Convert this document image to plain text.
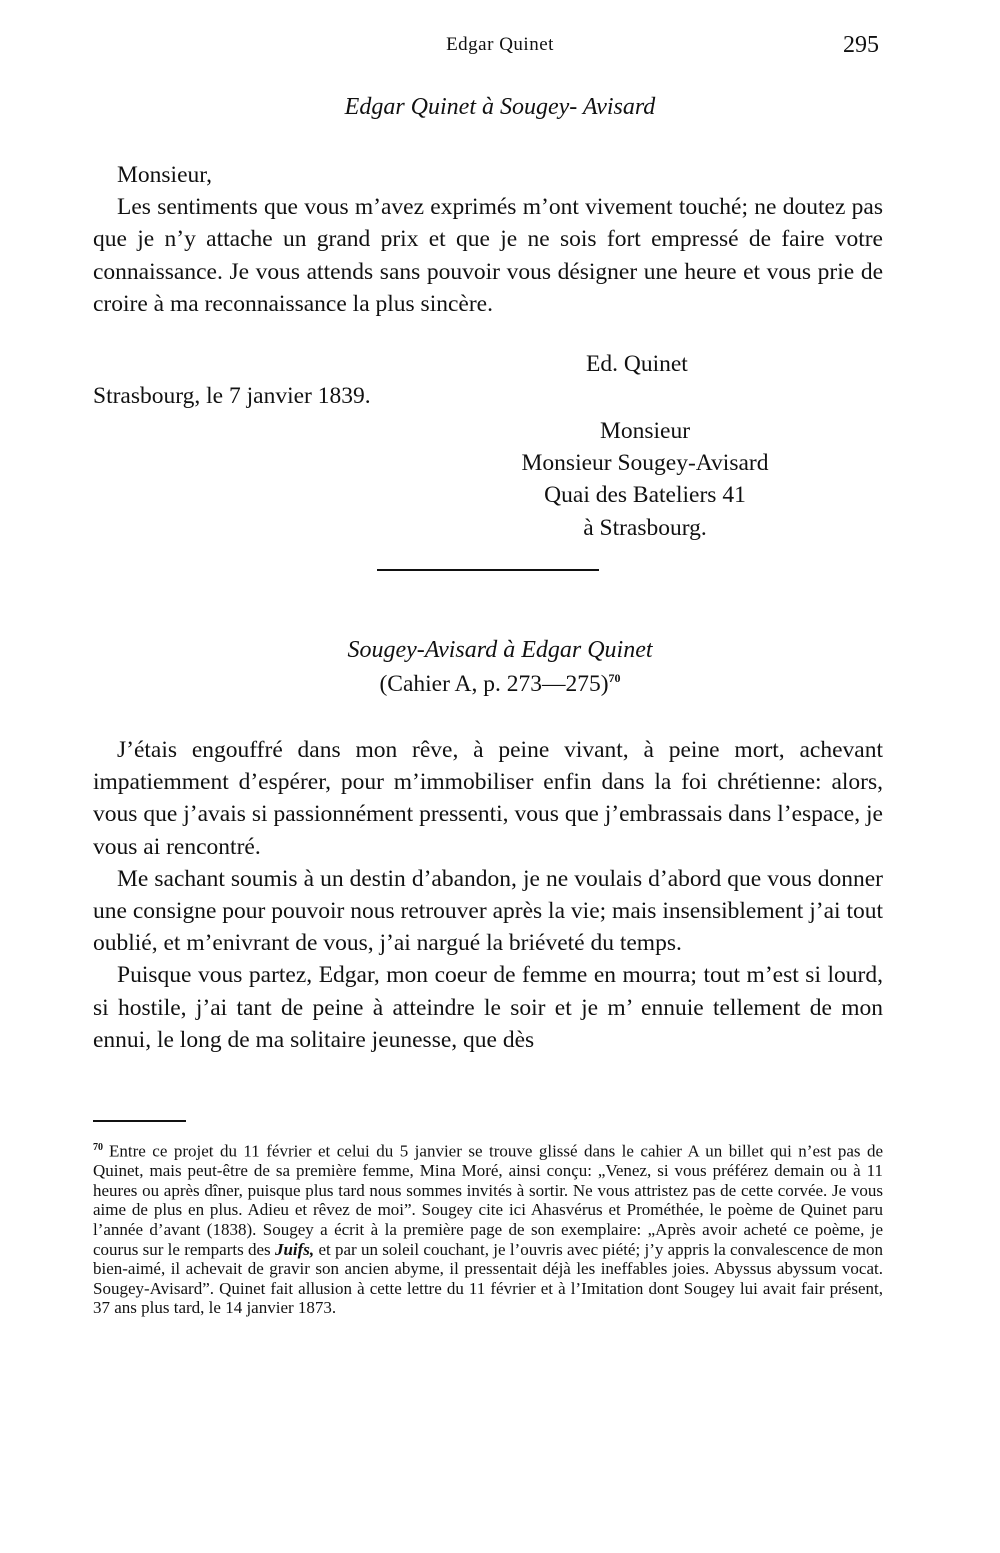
Edgar Quinet	295
Edgar Quinet à Sougey- Avisard

Monsieur,

Les sentiments que vous m’avez exprimés m’ont vivement touché; ne doutez pas que je n’y attache un grand prix et que je ne sois fort empressé de faire votre connaissance. Je vous attends sans pouvoir vous désigner une heure et vous prie de croire à ma reconnaissance la plus sincère.

Ed. Quinet
Strasbourg, le 7 janvier 1839.
Monsieur
Monsieur Sougey-Avisard
Quai des Bateliers 41
à Strasbourg.
Sougey-Avisard à Edgar Quinet
(Cahier A, p. 273—275)$^{70}$

J’étais engouffré dans mon rêve, à peine vivant, à peine mort, achevant impatiemment d’espérer, pour m’immobiliser enfin dans la foi chrétienne: alors, vous que j’avais si passionnément pressenti, vous que j’embrassais dans l’espace, je vous ai rencontré.

Me sachant soumis à un destin d’abandon, je ne voulais d’abord que vous donner une consigne pour pouvoir nous retrouver après la vie; mais insensiblement j’ai tout oublié, et m’enivrant de vous, j’ai nargué la briéveté du temps.

Puisque vous partez, Edgar, mon coeur de femme en mourra; tout m’est si lourd, si hostile, j’ai tant de peine à atteindre le soir et je m’ ennuie tellement de mon ennui, le long de ma solitaire jeunesse, que dès

$^{70}$ Entre ce projet du 11 février et celui du 5 janvier se trouve glissé dans le cahier A un billet qui n’est pas de Quinet, mais peut-être de sa première femme, Mina Moré, ainsi conçu: „Venez, si vous préférez demain ou à 11 heures ou après dîner, puisque plus tard nous sommes invités à sortir. Ne vous attristez pas de cette corvée. Je vous aime de plus en plus. Adieu et rêvez de moi”. Sougey cite ici Ahasvérus et Prométhée, le poème de Quinet paru l’année d’avant (1838). Sougey a écrit à la première page de son exemplaire: „Après avoir acheté ce poème, je courus sur le remparts des Juifs, et par un soleil couchant, je l’ouvris avec piété; j’y appris la convalescence de mon bien-aimé, il achevait de gravir son ancien abyme, il pressentait déjà les ineffables joies. Abyssus abyssum vocat. Sougey-Avisard”. Quinet fait allusion à cette lettre du 11 février et à l’Imitation dont Sougey lui avait fair présent, 37 ans plus tard, le 14 janvier 1873.
